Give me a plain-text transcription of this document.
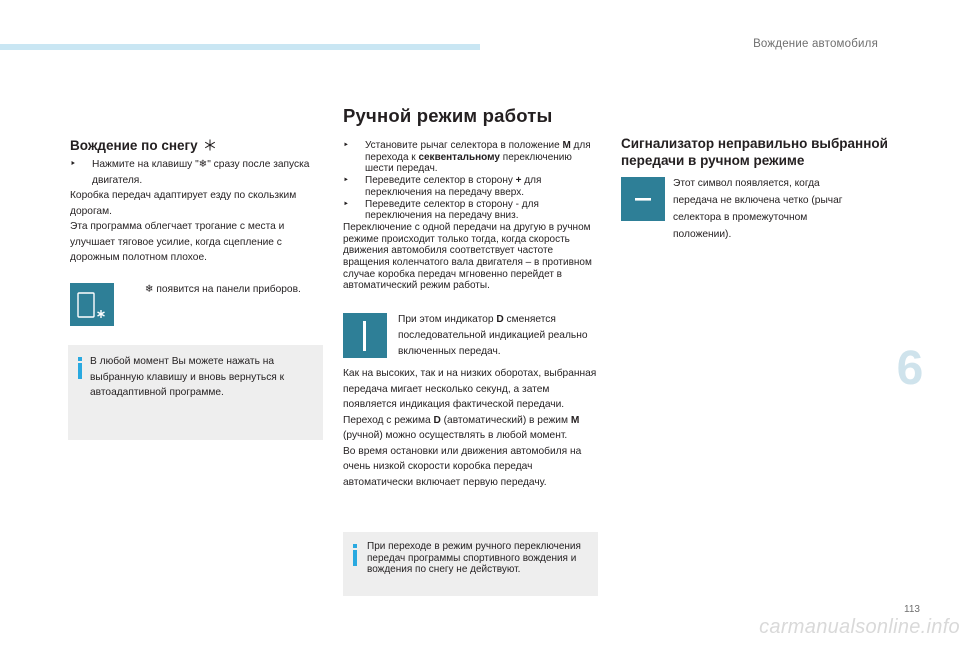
Вождение автомобиля
6
113
carmanualsonline.info
Ручной режим работы
Вождение по снегу
‣	Нажмите на клавишу "❄" сразу после запуска двигателя.

Коробка передач адаптирует езду по скользким дорогам.

Эта программа облегчает трогание с места и улучшает тяговое усилие, когда сцепление с дорожным полотном плохое.

❄ появится на панели приборов.
В любой момент Вы можете нажать на выбранную клавишу и вновь вернуться к автоадаптивной программе.
‣	Установите рычаг селектора в положение M для перехода к секвентальному переключению шести передач.
‣	Переведите селектор в сторону + для переключения на передачу вверх.
‣	Переведите селектор в сторону - для переключения на передачу вниз.

Переключение с одной передачи на другую в ручном режиме происходит только тогда, когда скорость движения автомобиля соответствует частоте вращения коленчатого вала двигателя – в противном случае коробка передач мгновенно перейдет в автоматический режим работы.

При этом индикатор D сменяется последовательной индикацией реально включенных передач.

Как на высоких, так и на низких оборотах, выбранная передача мигает несколько секунд, а затем появляется индикация фактической передачи.

Переход с режима D (автоматический) в режим M (ручной) можно осуществлять в любой момент.

Во время остановки или движения автомобиля на очень низкой скорости коробка передач автоматически включает первую передачу.

При переходе в режим ручного переключения передач программы спортивного вождения и вождения по снегу не действуют.
Сигнализатор неправильно выбранной передачи в ручном режиме
Этот символ появляется, когда передача не включена четко (рычаг селектора в промежуточном положении).
